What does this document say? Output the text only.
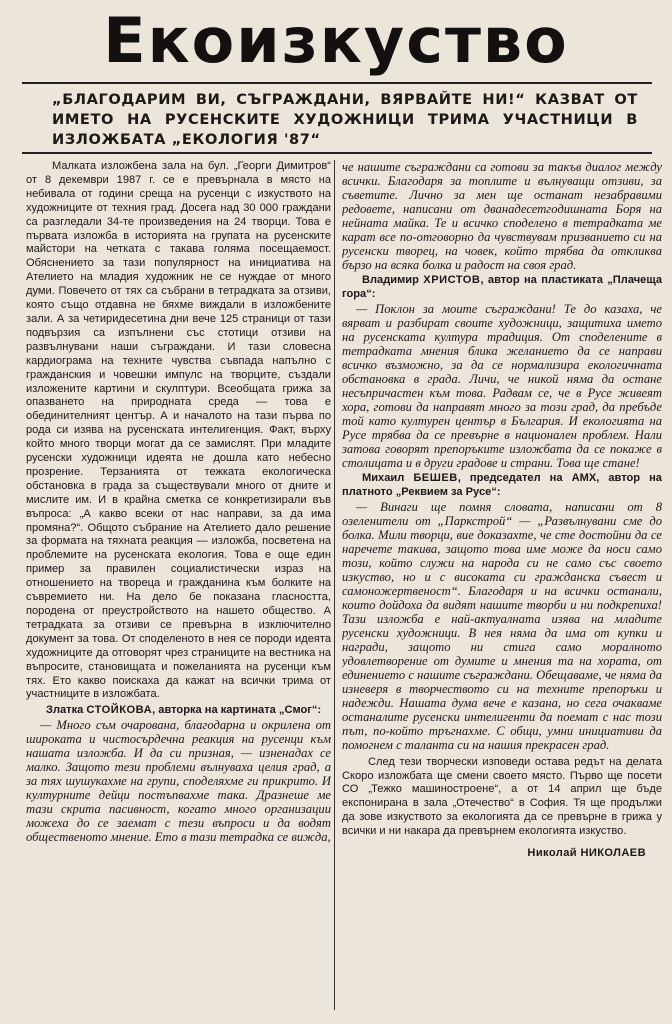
Екоизкуство
„БЛАГОДАРИМ ВИ, СЪГРАЖДАНИ, ВЯРВАЙТЕ НИ!“ КАЗВАТ ОТ ИМЕТО НА РУСЕНСКИТЕ ХУДОЖНИЦИ ТРИМА УЧАСТНИЦИ В ИЗЛОЖБАТА „ЕКОЛОГИЯ '87“

Малката изложбена зала на бул. „Георги Димитров“ от 8 декември 1987 г. се е превърнала в място на небивала от години среща на русенци с изкуството на художниците от техния град. Досега над 30 000 граждани са разгледали 34-те произведения на 24 творци. Това е първата изложба в историята на групата на русенските майстори на четката с такава голяма посещаемост. Обяснението за тази популярност на инициатива на Ателието на младия художник не се нуждае от много думи. Повечето от тях са събрани в тетрадката за отзиви, която също отдавна не бяхме виждали в изложбените зали. А за четиридесетина дни вече 125 страници от тази подвързия са изпълнени със стотици отзиви на развълнувани наши съграждани. И тази словесна кардиограма на техните чувства съвпада напълно с гражданския и човешки импулс на творците, създали изложените картини и скулптури. Всеобщата грижа за опазването на природната среда — това е обединителният център. А и началото на тази първа по рода си изява на русенската интелигенция. Факт, върху който много творци могат да се замислят. При младите русенски художници идеята не дошла като небесно прозрение. Терзанията от тежката екологическа обстановка в града за съществували много от дните и мислите им. И в крайна сметка се конкретизирали във въпроса: „А какво всеки от нас направи, за да има промяна?“. Общото събрание на Ателието дало решение за формата на тяхната реакция — изложба, посветена на проблемите на русенската екология. Това е още един пример за правилен социалистически израз на отношението на твореца и гражданина към болките на съвремието ни. На дело бе показана гласността, породена от преустройството на нашето общество. А тетрадката за отзиви се превърна в изключително документ за това. От споделеното в нея се породи идеята художниците да отговорят чрез страниците на вестника на въпросите, становищата и пожеланията на русенци към тях. Ето какво поискаха да кажат на всички трима от участниците в изложбата.

Златка СТОЙКОВА, авторка на картината „Смог“:

— Много съм очарована, благодарна и окрилена от широката и чистосърдечна реакция на русенци към нашата изложба. И да си призная, — изненадах се малко. Защото тези проблеми вълнуваха целия град, а за тях шушукахме на групи, споделяхме ги прикрито. И културните дейци постъпвахме така. Дразнеше ме тази скрита пасивност, когато много организации можеха до се заемат с тези въпроси и да водят общественото мнение. Ето в тази тетрадка се вижда,

че нашите съграждани са готови за такъв диалог между всички. Благодаря за топлите и вълнуващи отзиви, за съветите. Лично за мен ще останат незабравими редовете, написани от дванадесетгодишната Боря на нейната майка. Те и всичко споделено в тетрадката ме карат все по-отговорно да чувствувам призванието си на русенски творец, на човек, който трябва да откликва бързо на всяка болка и радост на своя град.

Владимир ХРИСТОВ, автор на пластиката „Плачеща гора“:

— Поклон за моите съграждани! Те до казаха, че вярват и разбират своите художници, защитиха името на русенската култура традиция. От споделените в тетрадката мнения блика желанието да се направи всичко възможно, за да се нормализира екологичната обстановка в града. Личи, че никой няма да остане несъпричастен към това. Радвам се, че в Русе живеят хора, готови да направят много за този град, да пребъде той като културен център в България. И екологията на Русе трябва да се превърне в национален проблем. Нали затова говорят препоръките изложбата да се покаже в столицата и в други градове и страни. Това ще стане!

Михаил БЕШЕВ, председател на АМХ, автор на платното „Реквием за Русе“:

— Винаги ще помня словата, написани от 8 озеленители от „Паркстрой“ — „Развълнувани сме до болка. Мили творци, вие доказахте, че сте достойни да се наречете такива, защото това име може да носи само този, който служи на народа си не само със своето изкуство, но и с високата си гражданска съвест и самоножертвеност“. Благодаря и на всички останали, които дойдоха да видят нашите творби и ни подкрепиха! Тази изложба е най-актуалната изява на младите русенски художници. В нея няма да има от купки и награди, защото ни стига само моралното удовлетворение от думите и мнения та на хората, от единението с нашите съграждани. Обещаваме, че няма да изневеря в творчеството си на техните препоръки и надежди. Нашата дума вече е казана, но сега очакваме останалите русенски интелигенти да поемат с нас този път, по-който тръгнахме. С общи, умни инициативи да помогнем с таланта си на нашия прекрасен град.

След тези творчески изповеди остава редът на делата Скоро изложбата ще смени своето място. Първо ще посети СО „Тежко машиностроене“, а от 14 април ще бъде експонирана в зала „Отечество“ в София. Тя ще продължи да зове изкуството за екологията да се превърне в грижа у всички и ни накара да превърнем екологията изкуство.

Николай НИКОЛАЕВ
